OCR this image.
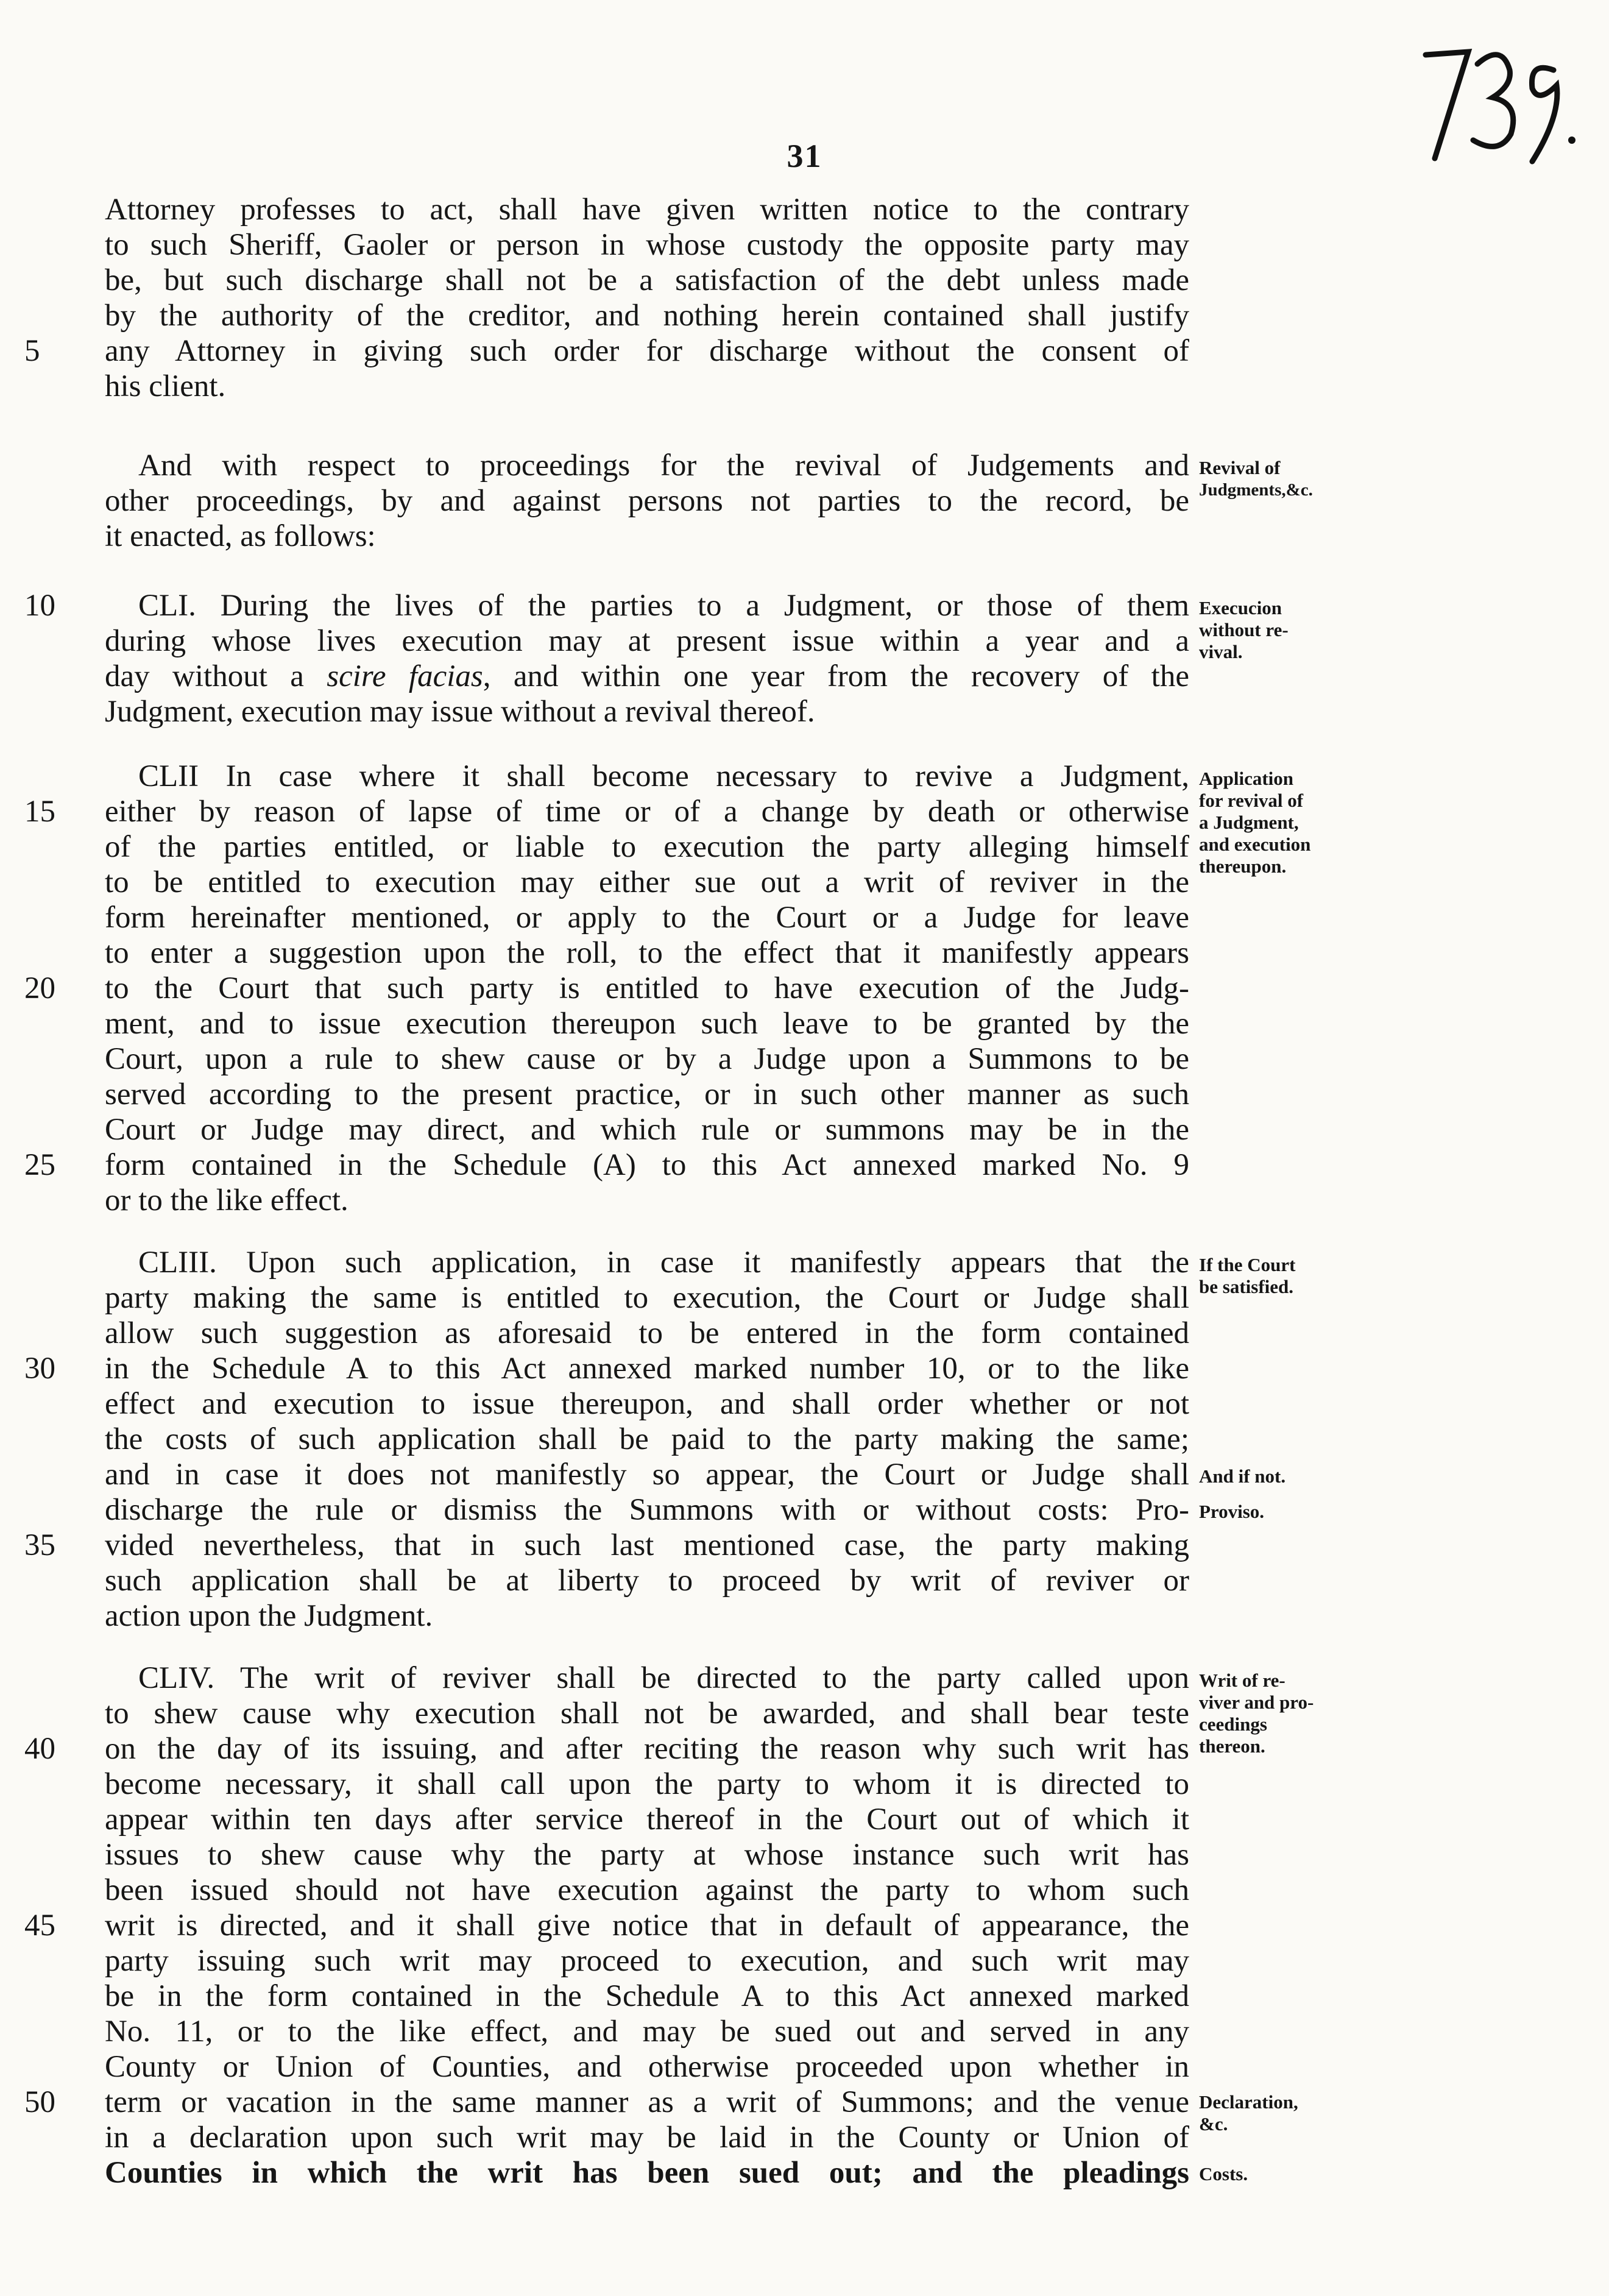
31
Attorney professes to act, shall have given written notice to the contrary
to such Sheriff, Gaoler or person in whose custody the opposite party may
be, but such discharge shall not be a satisfaction of the debt unless made
by the authority of the creditor, and nothing herein contained shall justify
any Attorney in giving such order for discharge without the consent of
his client.
And with respect to proceedings for the revival of Judgements and
other proceedings, by and against persons not parties to the record, be
it enacted, as follows:
CLI. During the lives of the parties to a Judgment, or those of them
during whose lives execution may at present issue within a year and a
day without a scire facias, and within one year from the recovery of the
Judgment, execution may issue without a revival thereof.
CLII In case where it shall become necessary to revive a Judgment,
either by reason of lapse of time or of a change by death or otherwise
of the parties entitled, or liable to execution the party alleging himself
to be entitled to execution may either sue out a writ of reviver in the
form hereinafter mentioned, or apply to the Court or a Judge for leave
to enter a suggestion upon the roll, to the effect that it manifestly appears
to the Court that such party is entitled to have execution of the Judg-
ment, and to issue execution thereupon such leave to be granted by the
Court, upon a rule to shew cause or by a Judge upon a Summons to be
served according to the present practice, or in such other manner as such
Court or Judge may direct, and which rule or summons may be in the
form contained in the Schedule (A) to this Act annexed marked No. 9
or to the like effect.
CLIII. Upon such application, in case it manifestly appears that the
party making the same is entitled to execution, the Court or Judge shall
allow such suggestion as aforesaid to be entered in the form contained
in the Schedule A to this Act annexed marked number 10, or to the like
effect and execution to issue thereupon, and shall order whether or not
the costs of such application shall be paid to the party making the same;
and in case it does not manifestly so appear, the Court or Judge shall
discharge the rule or dismiss the Summons with or without costs: Pro-
vided nevertheless, that in such last mentioned case, the party making
such application shall be at liberty to proceed by writ of reviver or
action upon the Judgment.
CLIV. The writ of reviver shall be directed to the party called upon
to shew cause why execution shall not be awarded, and shall bear teste
on the day of its issuing, and after reciting the reason why such writ has
become necessary, it shall call upon the party to whom it is directed to
appear within ten days after service thereof in the Court out of which it
issues to shew cause why the party at whose instance such writ has
been issued should not have execution against the party to whom such
writ is directed, and it shall give notice that in default of appearance, the
party issuing such writ may proceed to execution, and such writ may
be in the form contained in the Schedule A to this Act annexed marked
No. 11, or to the like effect, and may be sued out and served in any
County or Union of Counties, and otherwise proceeded upon whether in
term or vacation in the same manner as a writ of Summons; and the venue
in a declaration upon such writ may be laid in the County or Union of
Counties in which the writ has been sued out; and the pleadings
5
10
15
20
25
30
35
40
45
50
Revival of
Judgments,&c.
Execucion
without re-
vival.
Application
for revival of
a Judgment,
and execution
thereupon.
If the Court
be satisfied.
And if not.
Proviso.
Writ of re-
viver and pro-
ceedings
thereon.
Declaration,
&c.
Costs.
